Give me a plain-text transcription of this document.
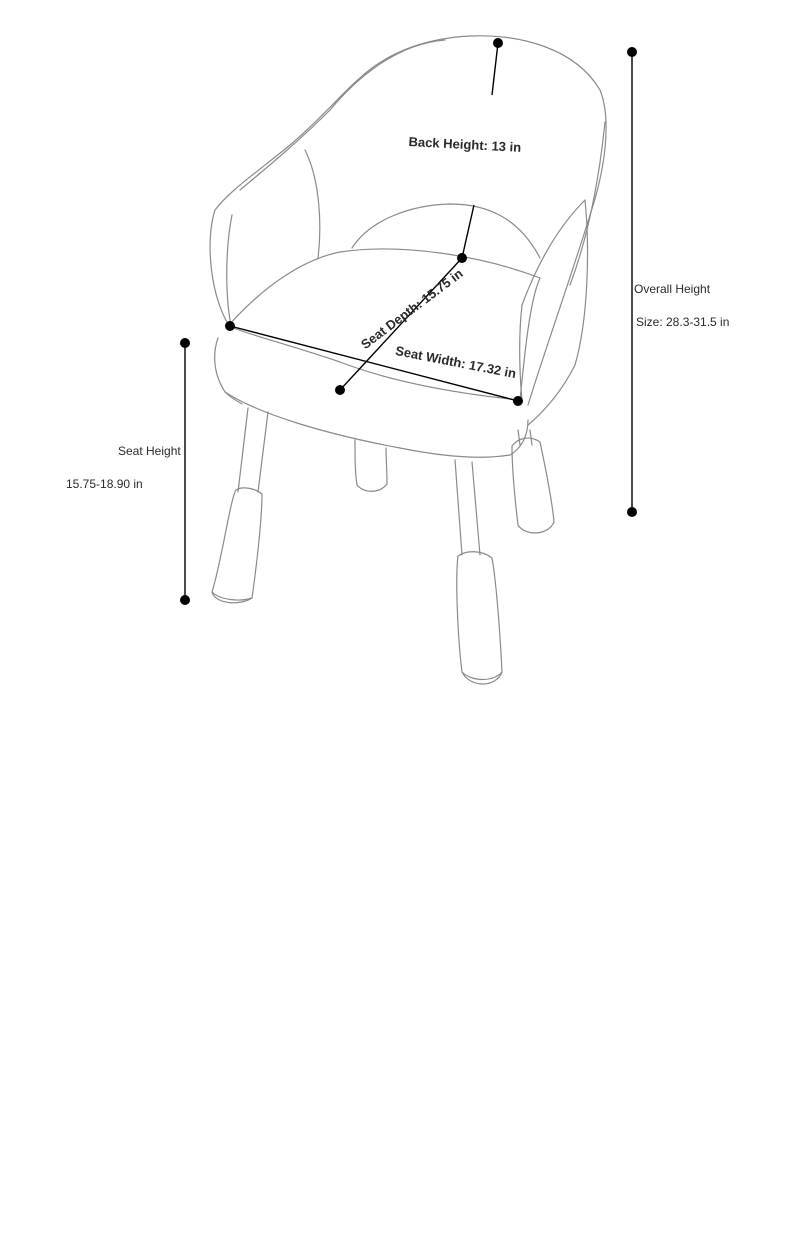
Back Height: 13 in
Seat Depth: 15.75 in
Seat Width: 17.32 in
Overall Height
Size: 28.3-31.5 in
Seat Height
15.75-18.90 in
